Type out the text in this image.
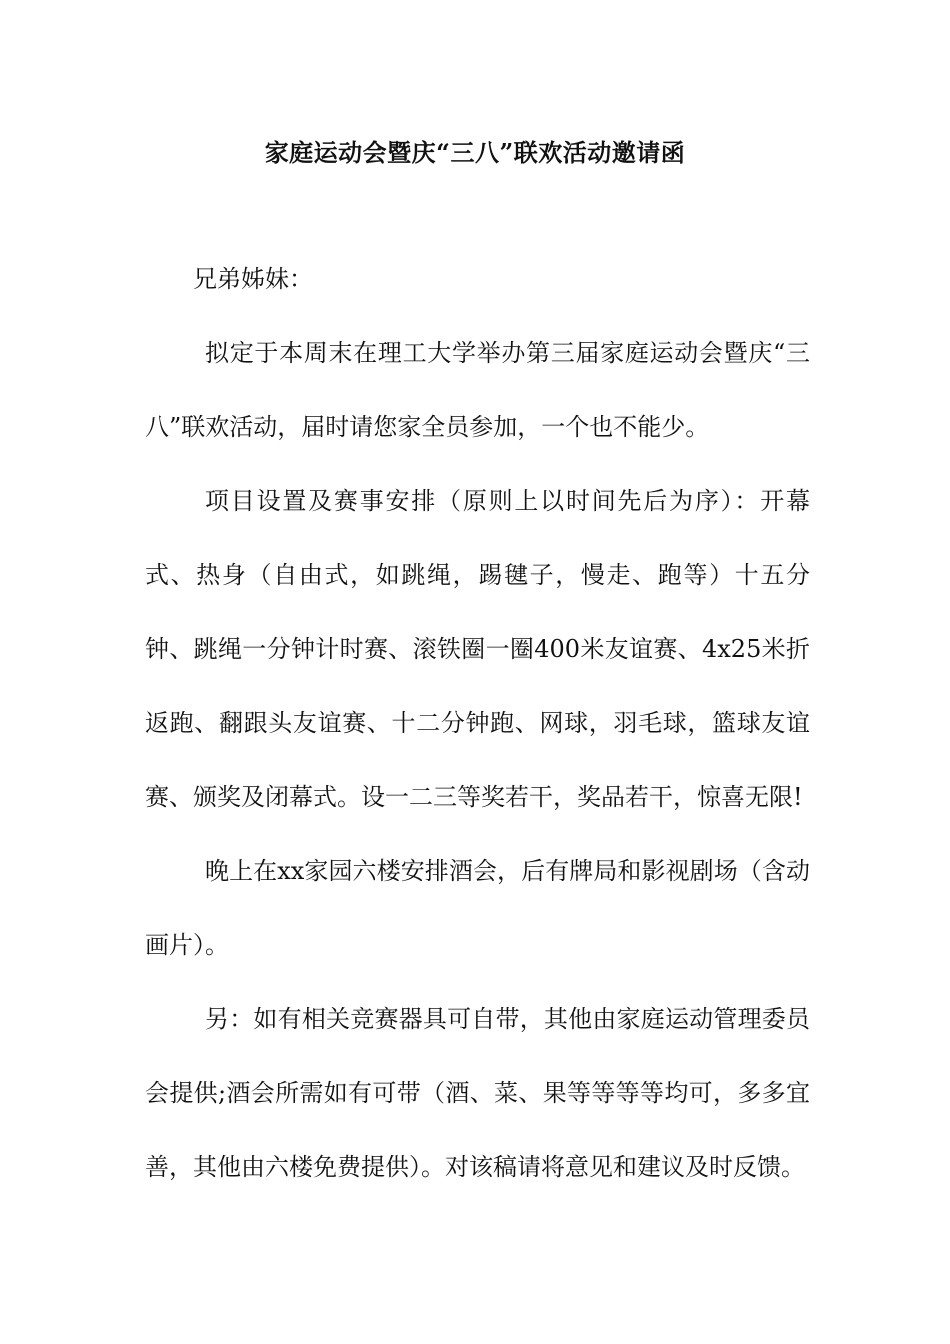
家庭运动会暨庆“三八”联欢活动邀请函

兄弟姊妹：

拟定于本周末在理工大学举办第三届家庭运动会暨庆“三八”联欢活动，届时请您家全员参加，一个也不能少。

项目设置及赛事安排（原则上以时间先后为序）：开幕式、热身（自由式，如跳绳，踢毽子，慢走、跑等）十五分钟、跳绳一分钟计时赛、滚铁圈一圈400米友谊赛、4x25米折返跑、翻跟头友谊赛、十二分钟跑、网球，羽毛球，篮球友谊赛、颁奖及闭幕式。设一二三等奖若干，奖品若干，惊喜无限!

晚上在xx家园六楼安排酒会，后有牌局和影视剧场（含动画片）。

另：如有相关竞赛器具可自带，其他由家庭运动管理委员会提供;酒会所需如有可带（酒、菜、果等等等等均可，多多宜善，其他由六楼免费提供）。对该稿请将意见和建议及时反馈。
